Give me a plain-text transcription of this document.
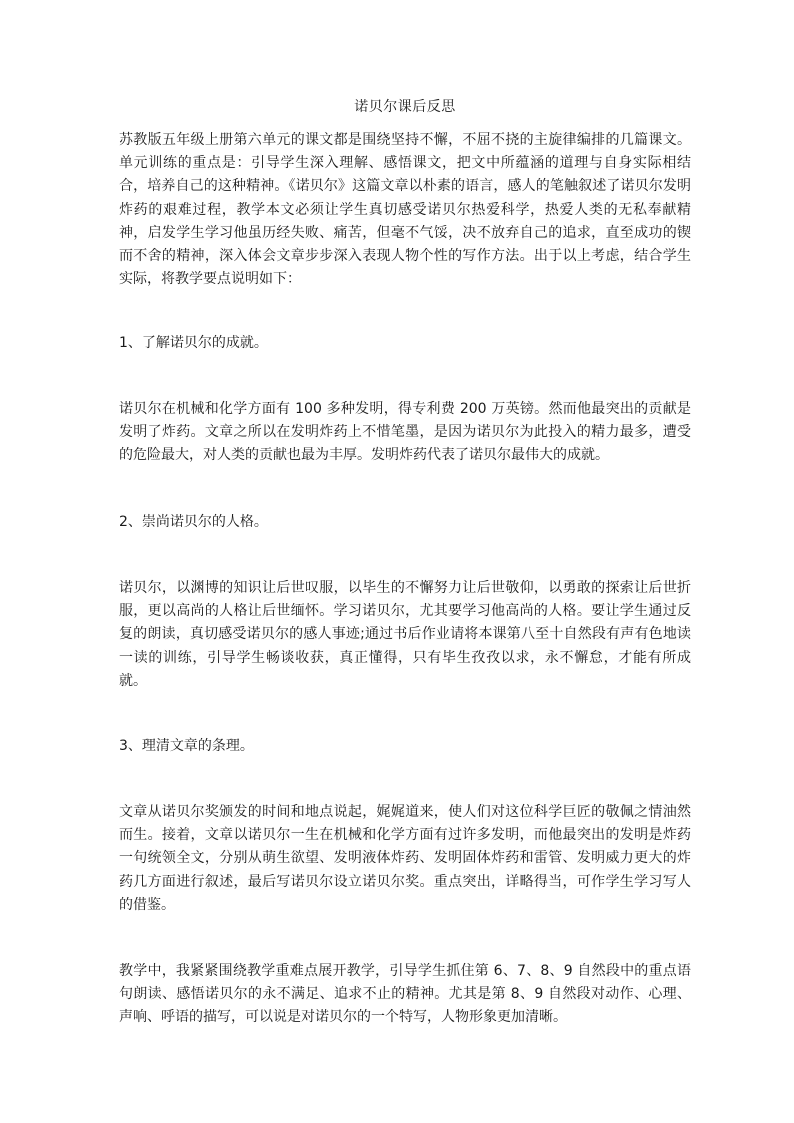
诺贝尔课后反思

苏教版五年级上册第六单元的课文都是围绕坚持不懈，不屈不挠的主旋律编排的几篇课文。单元训练的重点是：引导学生深入理解、感悟课文，把文中所蕴涵的道理与自身实际相结合，培养自己的这种精神。《诺贝尔》这篇文章以朴素的语言，感人的笔触叙述了诺贝尔发明炸药的艰难过程，教学本文必须让学生真切感受诺贝尔热爱科学，热爱人类的无私奉献精神，启发学生学习他虽历经失败、痛苦，但毫不气馁，决不放弃自己的追求，直至成功的锲而不舍的精神，深入体会文章步步深入表现人物个性的写作方法。出于以上考虑，结合学生实际，将教学要点说明如下：

1、了解诺贝尔的成就。

诺贝尔在机械和化学方面有 100 多种发明，得专利费 200 万英镑。然而他最突出的贡献是发明了炸药。文章之所以在发明炸药上不惜笔墨，是因为诺贝尔为此投入的精力最多，遭受的危险最大，对人类的贡献也最为丰厚。发明炸药代表了诺贝尔最伟大的成就。

2、崇尚诺贝尔的人格。

诺贝尔，以渊博的知识让后世叹服，以毕生的不懈努力让后世敬仰，以勇敢的探索让后世折服，更以高尚的人格让后世缅怀。学习诺贝尔，尤其要学习他高尚的人格。要让学生通过反复的朗读，真切感受诺贝尔的感人事迹;通过书后作业请将本课第八至十自然段有声有色地读一读的训练，引导学生畅谈收获，真正懂得，只有毕生孜孜以求，永不懈怠，才能有所成就。

3、理清文章的条理。

文章从诺贝尔奖颁发的时间和地点说起，娓娓道来，使人们对这位科学巨匠的敬佩之情油然而生。接着，文章以诺贝尔一生在机械和化学方面有过许多发明，而他最突出的发明是炸药一句统领全文，分别从萌生欲望、发明液体炸药、发明固体炸药和雷管、发明威力更大的炸药几方面进行叙述，最后写诺贝尔设立诺贝尔奖。重点突出，详略得当，可作学生学习写人的借鉴。

教学中，我紧紧围绕教学重难点展开教学，引导学生抓住第 6、7、8、9 自然段中的重点语句朗读、感悟诺贝尔的永不满足、追求不止的精神。尤其是第 8、9 自然段对动作、心理、声响、呼语的描写，可以说是对诺贝尔的一个特写，人物形象更加清晰。
